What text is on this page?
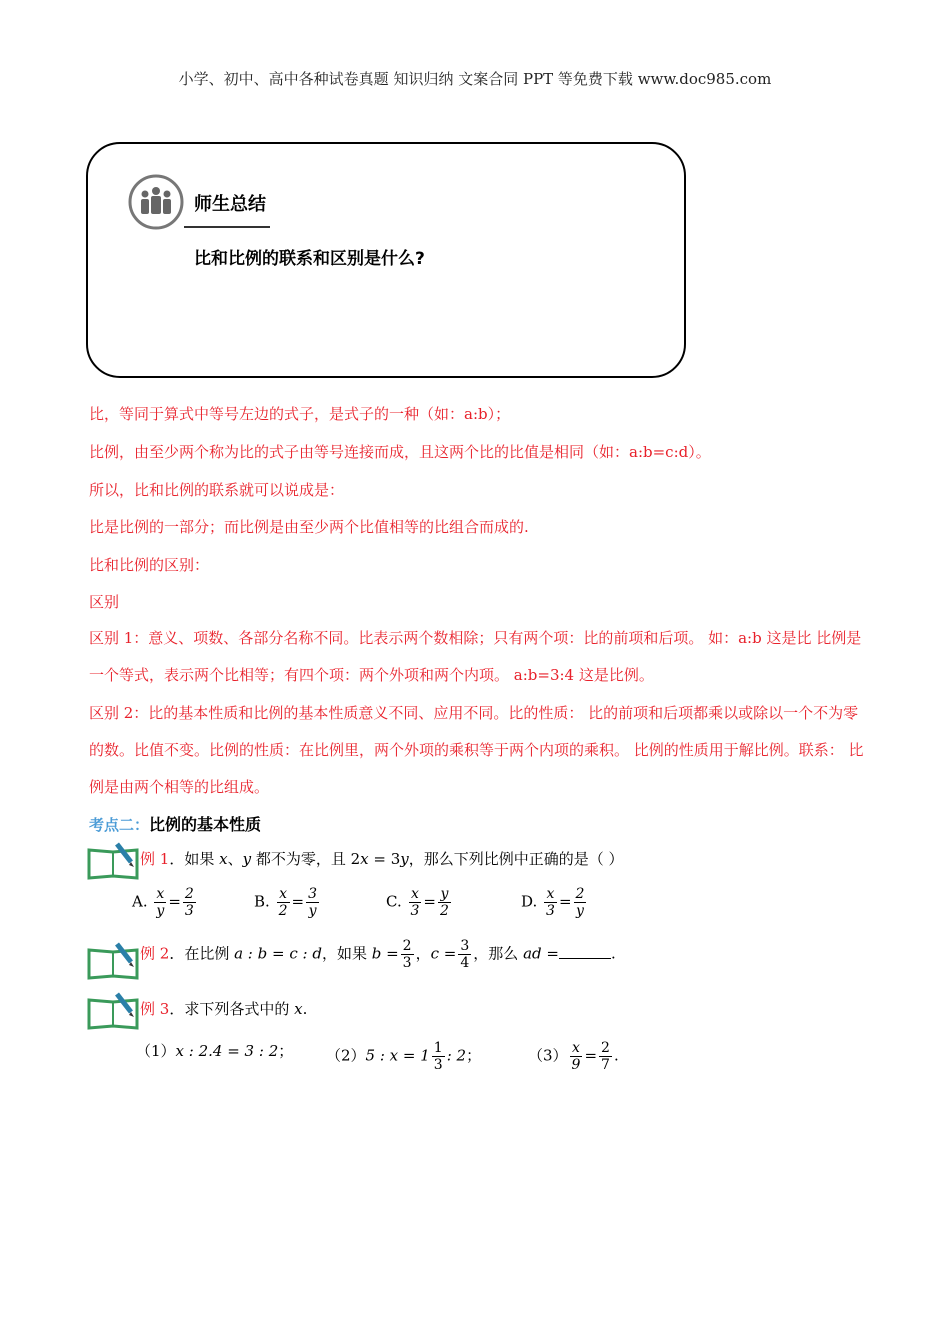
小学、初中、高中各种试卷真题 知识归纳 文案合同 PPT 等免费下载 www.doc985.com
师生总结
比和比例的联系和区别是什么?
比，等同于算式中等号左边的式子，是式子的一种（如：a:b）；
比例，由至少两个称为比的式子由等号连接而成，且这两个比的比值是相同（如：a:b=c:d）。
所以，比和比例的联系就可以说成是：
比是比例的一部分；而比例是由至少两个比值相等的比组合而成的.
比和比例的区别：
区别
区别 1：意义、项数、各部分名称不同。比表示两个数相除；只有两个项：比的前项和后项。 如：a:b 这是比 比例是一个等式，表示两个比相等；有四个项：两个外项和两个内项。 a:b=3:4 这是比例。
区别 2：比的基本性质和比例的基本性质意义不同、应用不同。比的性质： 比的前项和后项都乘以或除以一个不为零的数。比值不变。比例的性质：在比例里，两个外项的乘积等于两个内项的乘积。 比例的性质用于解比例。联系： 比例是由两个相等的比组成。
考点二：比例的基本性质
例 1．如果 x、y 都不为零，且 2x = 3y，那么下列比例中正确的是（ ）
A. $\frac{x}{y} = \frac{2}{3}$	B. $\frac{x}{2} = \frac{3}{y}$	C. $\frac{x}{3} = \frac{y}{2}$	D. $\frac{x}{3} = \frac{2}{y}$
例 2．在比例 a : b = c : d，如果 $b = \frac{2}{3}$ ，$c = \frac{3}{4}$ ，那么 ad =	.
例 3．求下列各式中的 x.
（1）x : 2.4 = 3 : 2； （2）5 : $x = 1 \frac{1}{3}$ : 2；	$(3) \frac{x}{9} = \frac{2}{7}$ .
